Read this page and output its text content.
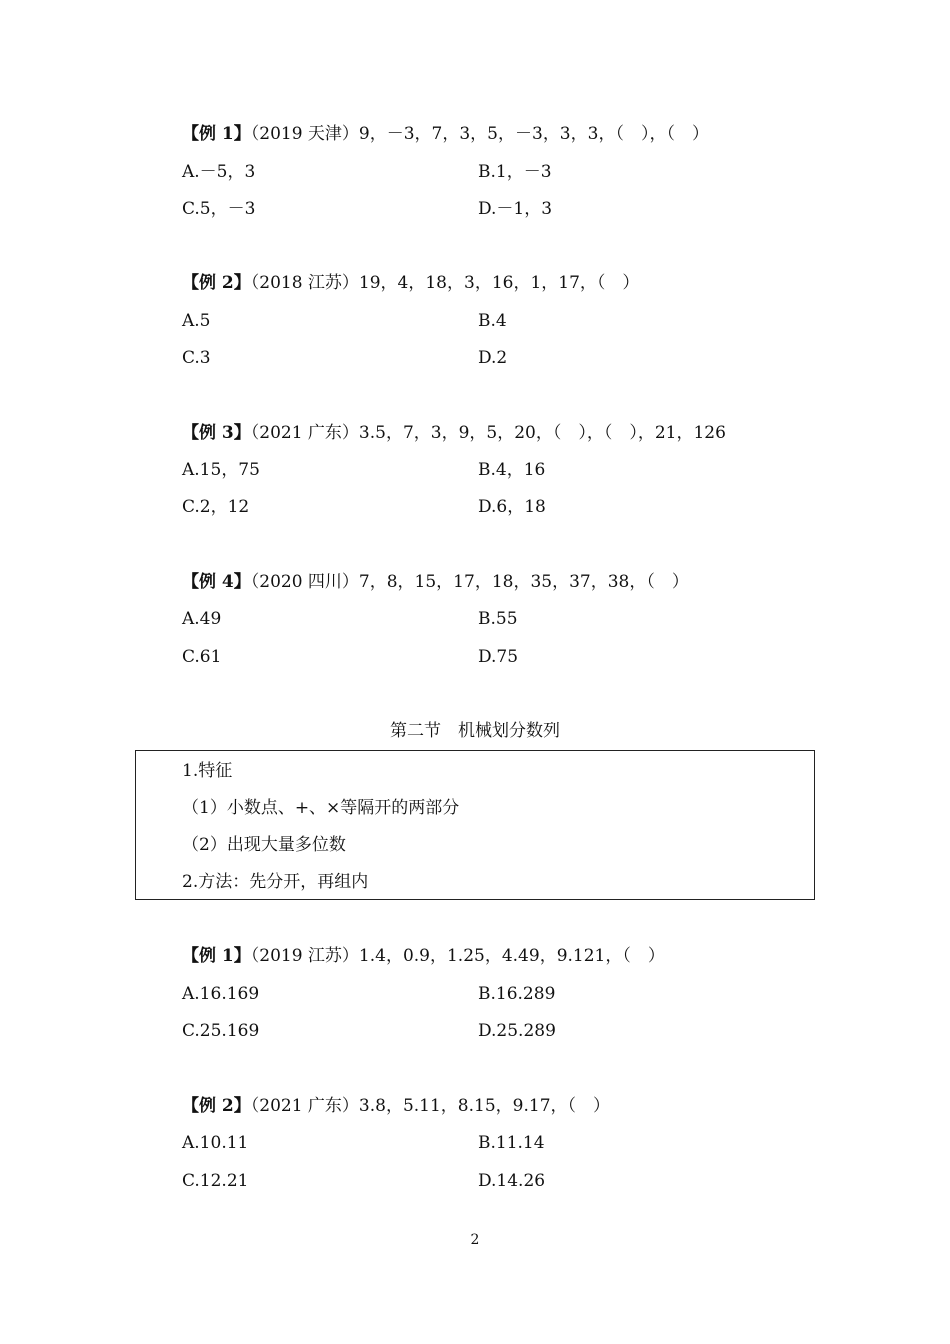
【例 1】（2019 天津）9，－3，7，3，5，－3，3，3，（　），（　）
A.－5，3	B.1，－3
C.5，－3	D.－1，3
【例 2】（2018 江苏）19，4，18，3，16，1，17，（　）
A.5	B.4
C.3	D.2
【例 3】（2021 广东）3.5，7，3，9，5，20，（　），（　），21，126
A.15，75	B.4，16
C.2，12	D.6，18
【例 4】（2020 四川）7，8，15，17，18，35，37，38，（　）
A.49	B.55
C.61	D.75
第二节　机械划分数列
1.特征
（1）小数点、+、×等隔开的两部分
（2）出现大量多位数
2.方法：先分开，再组内
【例 1】（2019 江苏）1.4，0.9，1.25，4.49，9.121，（　）
A.16.169	B.16.289
C.25.169	D.25.289
【例 2】（2021 广东）3.8，5.11，8.15，9.17，（　）
A.10.11	B.11.14
C.12.21	D.14.26
2
